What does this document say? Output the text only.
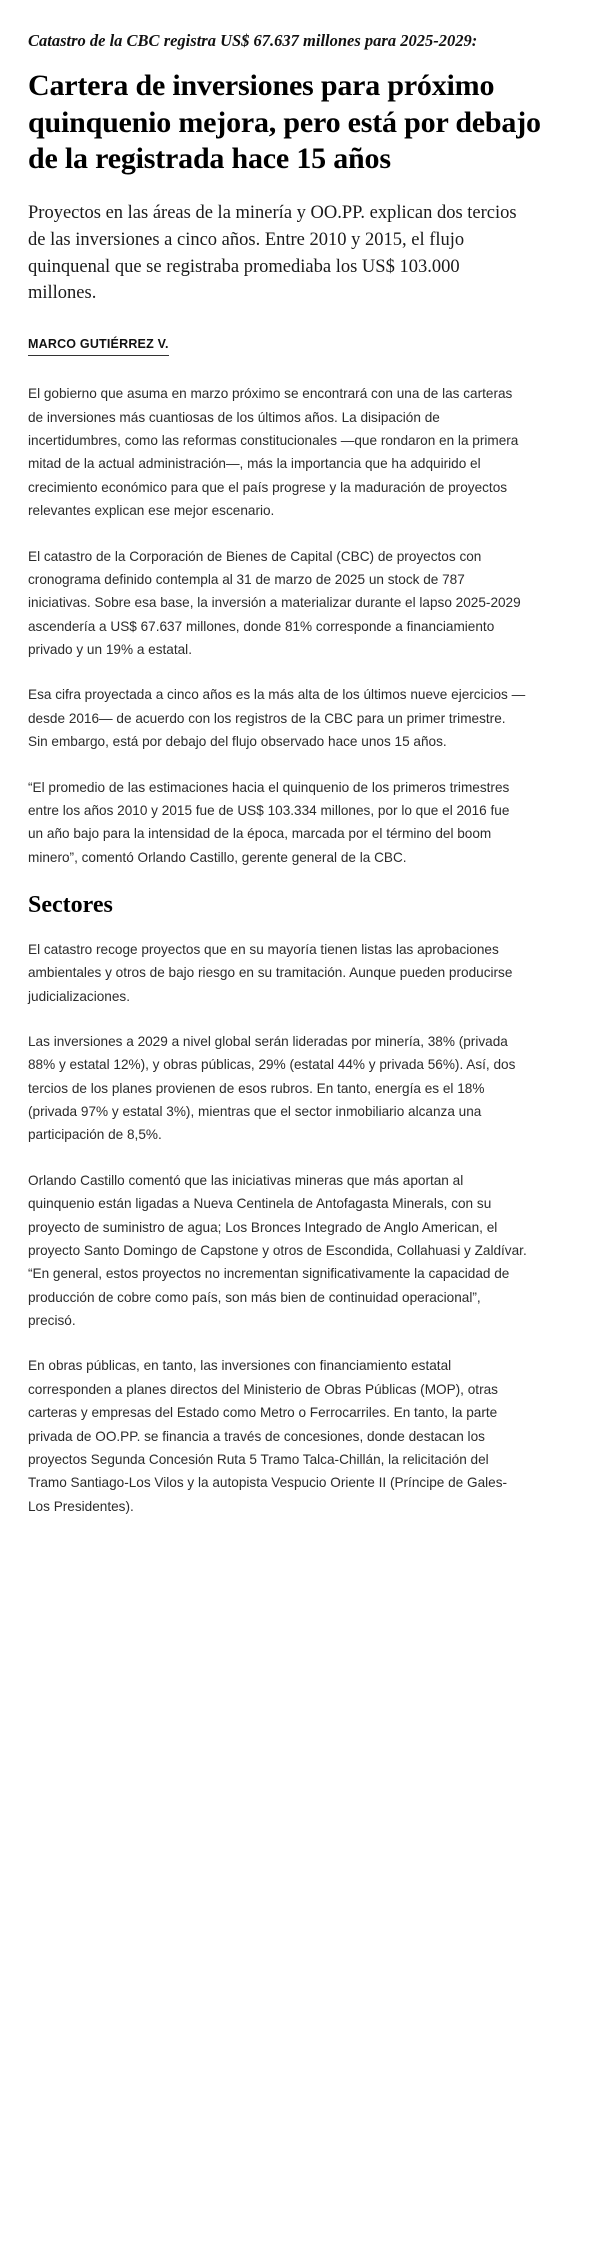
Catastro de la CBC registra US$ 67.637 millones para 2025-2029:

Cartera de inversiones para próximo quinquenio mejora, pero está por debajo de la registrada hace 15 años

Proyectos en las áreas de la minería y OO.PP. explican dos tercios de las inversiones a cinco años. Entre 2010 y 2015, el flujo quinquenal que se registraba promediaba los US$ 103.000 millones.

MARCO GUTIÉRREZ V.

El gobierno que asuma en marzo próximo se encontrará con una de las carteras de inversiones más cuantiosas de los últimos años. La disipación de incertidumbres, como las reformas constitucionales —que rondaron en la primera mitad de la actual administración—, más la importancia que ha adquirido el crecimiento económico para que el país progrese y la maduración de proyectos relevantes explican ese mejor escenario.

El catastro de la Corporación de Bienes de Capital (CBC) de proyectos con cronograma definido contempla al 31 de marzo de 2025 un stock de 787 iniciativas. Sobre esa base, la inversión a materializar durante el lapso 2025-2029 ascendería a US$ 67.637 millones, donde 81% corresponde a financiamiento privado y un 19% a estatal.

Esa cifra proyectada a cinco años es la más alta de los últimos nueve ejercicios —desde 2016— de acuerdo con los registros de la CBC para un primer trimestre. Sin embargo, está por debajo del flujo observado hace unos 15 años.

“El promedio de las estimaciones hacia el quinquenio de los primeros trimestres entre los años 2010 y 2015 fue de US$ 103.334 millones, por lo que el 2016 fue un año bajo para la intensidad de la época, marcada por el término del boom minero”, comentó Orlando Castillo, gerente general de la CBC.

Sectores

El catastro recoge proyectos que en su mayoría tienen listas las aprobaciones ambientales y otros de bajo riesgo en su tramitación. Aunque pueden producirse judicializaciones.

Las inversiones a 2029 a nivel global serán lideradas por minería, 38% (privada 88% y estatal 12%), y obras públicas, 29% (estatal 44% y privada 56%). Así, dos tercios de los planes provienen de esos rubros. En tanto, energía es el 18% (privada 97% y estatal 3%), mientras que el sector inmobiliario alcanza una participación de 8,5%.

Orlando Castillo comentó que las iniciativas mineras que más aportan al quinquenio están ligadas a Nueva Centinela de Antofagasta Minerals, con su proyecto de suministro de agua; Los Bronces Integrado de Anglo American, el proyecto Santo Domingo de Capstone y otros de Escondida, Collahuasi y Zaldívar. “En general, estos proyectos no incrementan significativamente la capacidad de producción de cobre como país, son más bien de continuidad operacional”, precisó.

En obras públicas, en tanto, las inversiones con financiamiento estatal corresponden a planes directos del Ministerio de Obras Públicas (MOP), otras carteras y empresas del Estado como Metro o Ferrocarriles. En tanto, la parte privada de OO.PP. se financia a través de concesiones, donde destacan los proyectos Segunda Concesión Ruta 5 Tramo Talca-Chillán, la relicitación del Tramo Santiago-Los Vilos y la autopista Vespucio Oriente II (Príncipe de Gales-Los Presidentes).
